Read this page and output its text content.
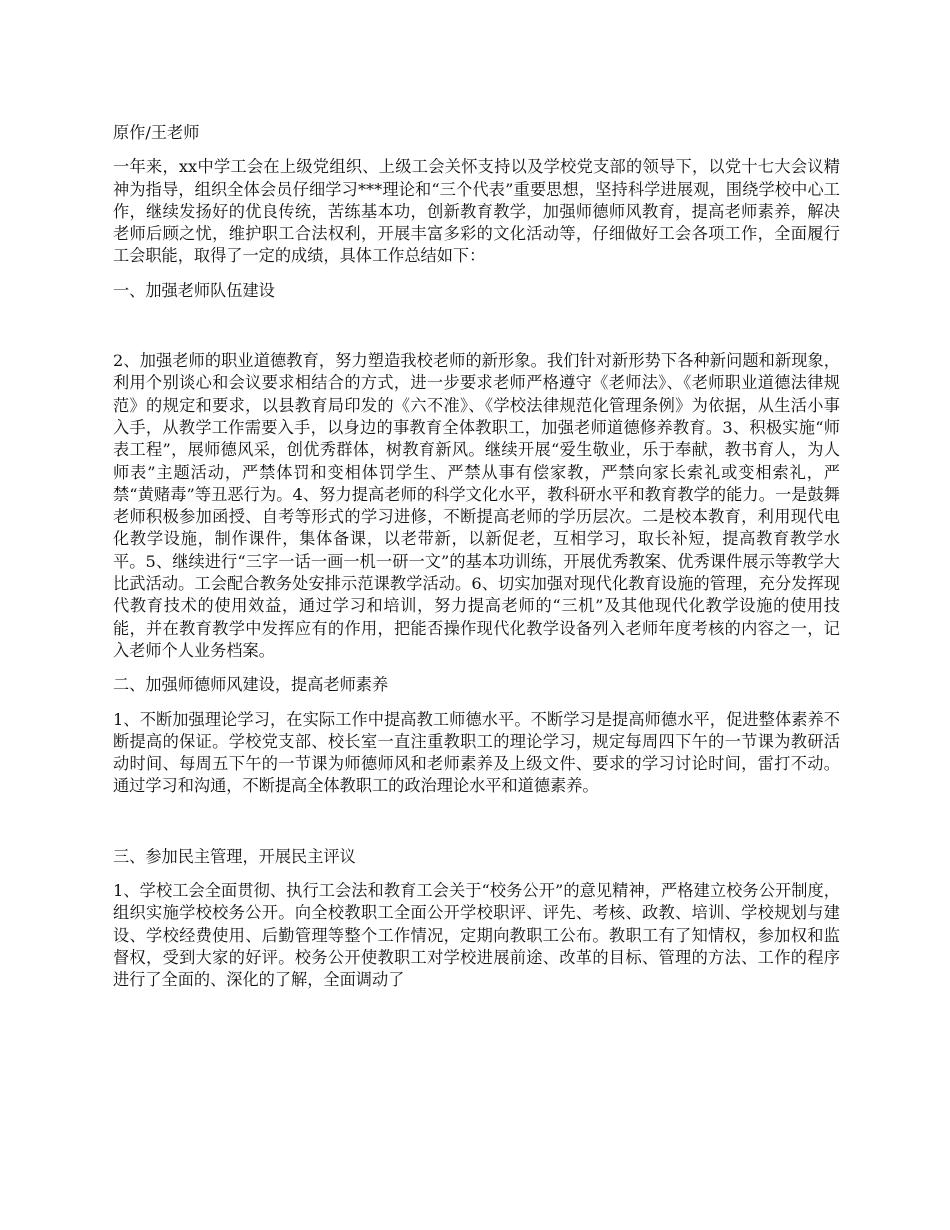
原作/王老师

一年来，xx中学工会在上级党组织、上级工会关怀支持以及学校党支部的领导下，以党十七大会议精神为指导，组织全体会员仔细学习***理论和“三个代表”重要思想，坚持科学进展观，围绕学校中心工作，继续发扬好的优良传统，苦练基本功，创新教育教学，加强师德师风教育，提高老师素养，解决老师后顾之忧，维护职工合法权利，开展丰富多彩的文化活动等，仔细做好工会各项工作，全面履行工会职能，取得了一定的成绩，具体工作总结如下：

一、加强老师队伍建设

2、加强老师的职业道德教育，努力塑造我校老师的新形象。我们针对新形势下各种新问题和新现象，利用个别谈心和会议要求相结合的方式，进一步要求老师严格遵守《老师法》、《老师职业道德法律规范》的规定和要求，以县教育局印发的《六不准》、《学校法律规范化管理条例》为依据，从生活小事入手，从教学工作需要入手，以身边的事教育全体教职工，加强老师道德修养教育。3、积极实施“师表工程”，展师德风采，创优秀群体，树教育新风。继续开展“爱生敬业，乐于奉献，教书育人，为人师表”主题活动，严禁体罚和变相体罚学生、严禁从事有偿家教，严禁向家长索礼或变相索礼，严禁“黄赌毒”等丑恶行为。4、努力提高老师的科学文化水平，教科研水平和教育教学的能力。一是鼓舞老师积极参加函授、自考等形式的学习进修，不断提高老师的学历层次。二是校本教育，利用现代电化教学设施，制作课件，集体备课，以老带新，以新促老，互相学习，取长补短，提高教育教学水平。5、继续进行“三字一话一画一机一研一文”的基本功训练，开展优秀教案、优秀课件展示等教学大比武活动。工会配合教务处安排示范课教学活动。6、切实加强对现代化教育设施的管理，充分发挥现代教育技术的使用效益，通过学习和培训，努力提高老师的“三机”及其他现代化教学设施的使用技能，并在教育教学中发挥应有的作用，把能否操作现代化教学设备列入老师年度考核的内容之一，记入老师个人业务档案。

二、加强师德师风建设，提高老师素养

1、不断加强理论学习，在实际工作中提高教工师德水平。不断学习是提高师德水平，促进整体素养不断提高的保证。学校党支部、校长室一直注重教职工的理论学习，规定每周四下午的一节课为教研活动时间、每周五下午的一节课为师德师风和老师素养及上级文件、要求的学习讨论时间，雷打不动。通过学习和沟通，不断提高全体教职工的政治理论水平和道德素养。

三、参加民主管理，开展民主评议

1、学校工会全面贯彻、执行工会法和教育工会关于“校务公开”的意见精神，严格建立校务公开制度，组织实施学校校务公开。向全校教职工全面公开学校职评、评先、考核、政教、培训、学校规划与建设、学校经费使用、后勤管理等整个工作情况，定期向教职工公布。教职工有了知情权，参加权和监督权，受到大家的好评。校务公开使教职工对学校进展前途、改革的目标、管理的方法、工作的程序进行了全面的、深化的了解，全面调动了
